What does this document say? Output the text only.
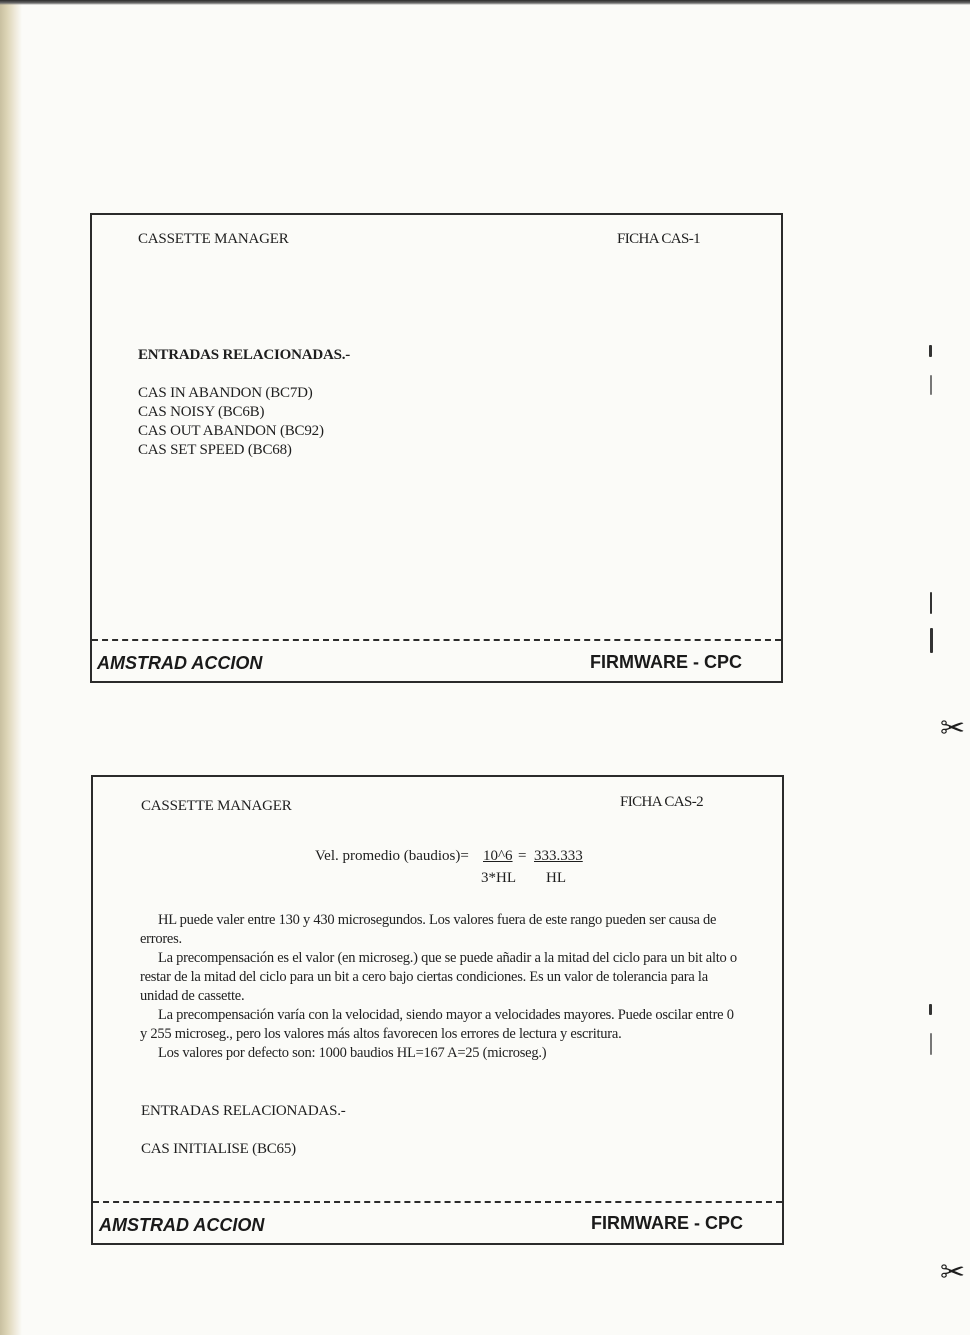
CASSETTE MANAGER	FICHA CAS-1
ENTRADAS RELACIONADAS.-
CAS IN ABANDON (BC7D)
CAS NOISY (BC6B)
CAS OUT ABANDON (BC92)
CAS SET SPEED (BC68)
AMSTRAD ACCION	FIRMWARE - CPC
CASSETTE MANAGER	FICHA CAS-2
Vel. promedio (baudios)= 10^6 = 333.333
3*HL HL

HL puede valer entre 130 y 430 microsegundos. Los valores fuera de este rango pueden ser causa de errores.

La precompensación es el valor (en microseg.) que se puede añadir a la mitad del ciclo para un bit alto o restar de la mitad del ciclo para un bit a cero bajo ciertas condiciones. Es un valor de tolerancia para la unidad de cassette.

La precompensación varía con la velocidad, siendo mayor a velocidades mayores. Puede oscilar entre 0 y 255 microseg., pero los valores más altos favorecen los errores de lectura y escritura.

Los valores por defecto son: 1000 baudios HL=167 A=25 (microseg.)

ENTRADAS RELACIONADAS.-
CAS INITIALISE (BC65)
AMSTRAD ACCION	FIRMWARE - CPC
✂
✂
